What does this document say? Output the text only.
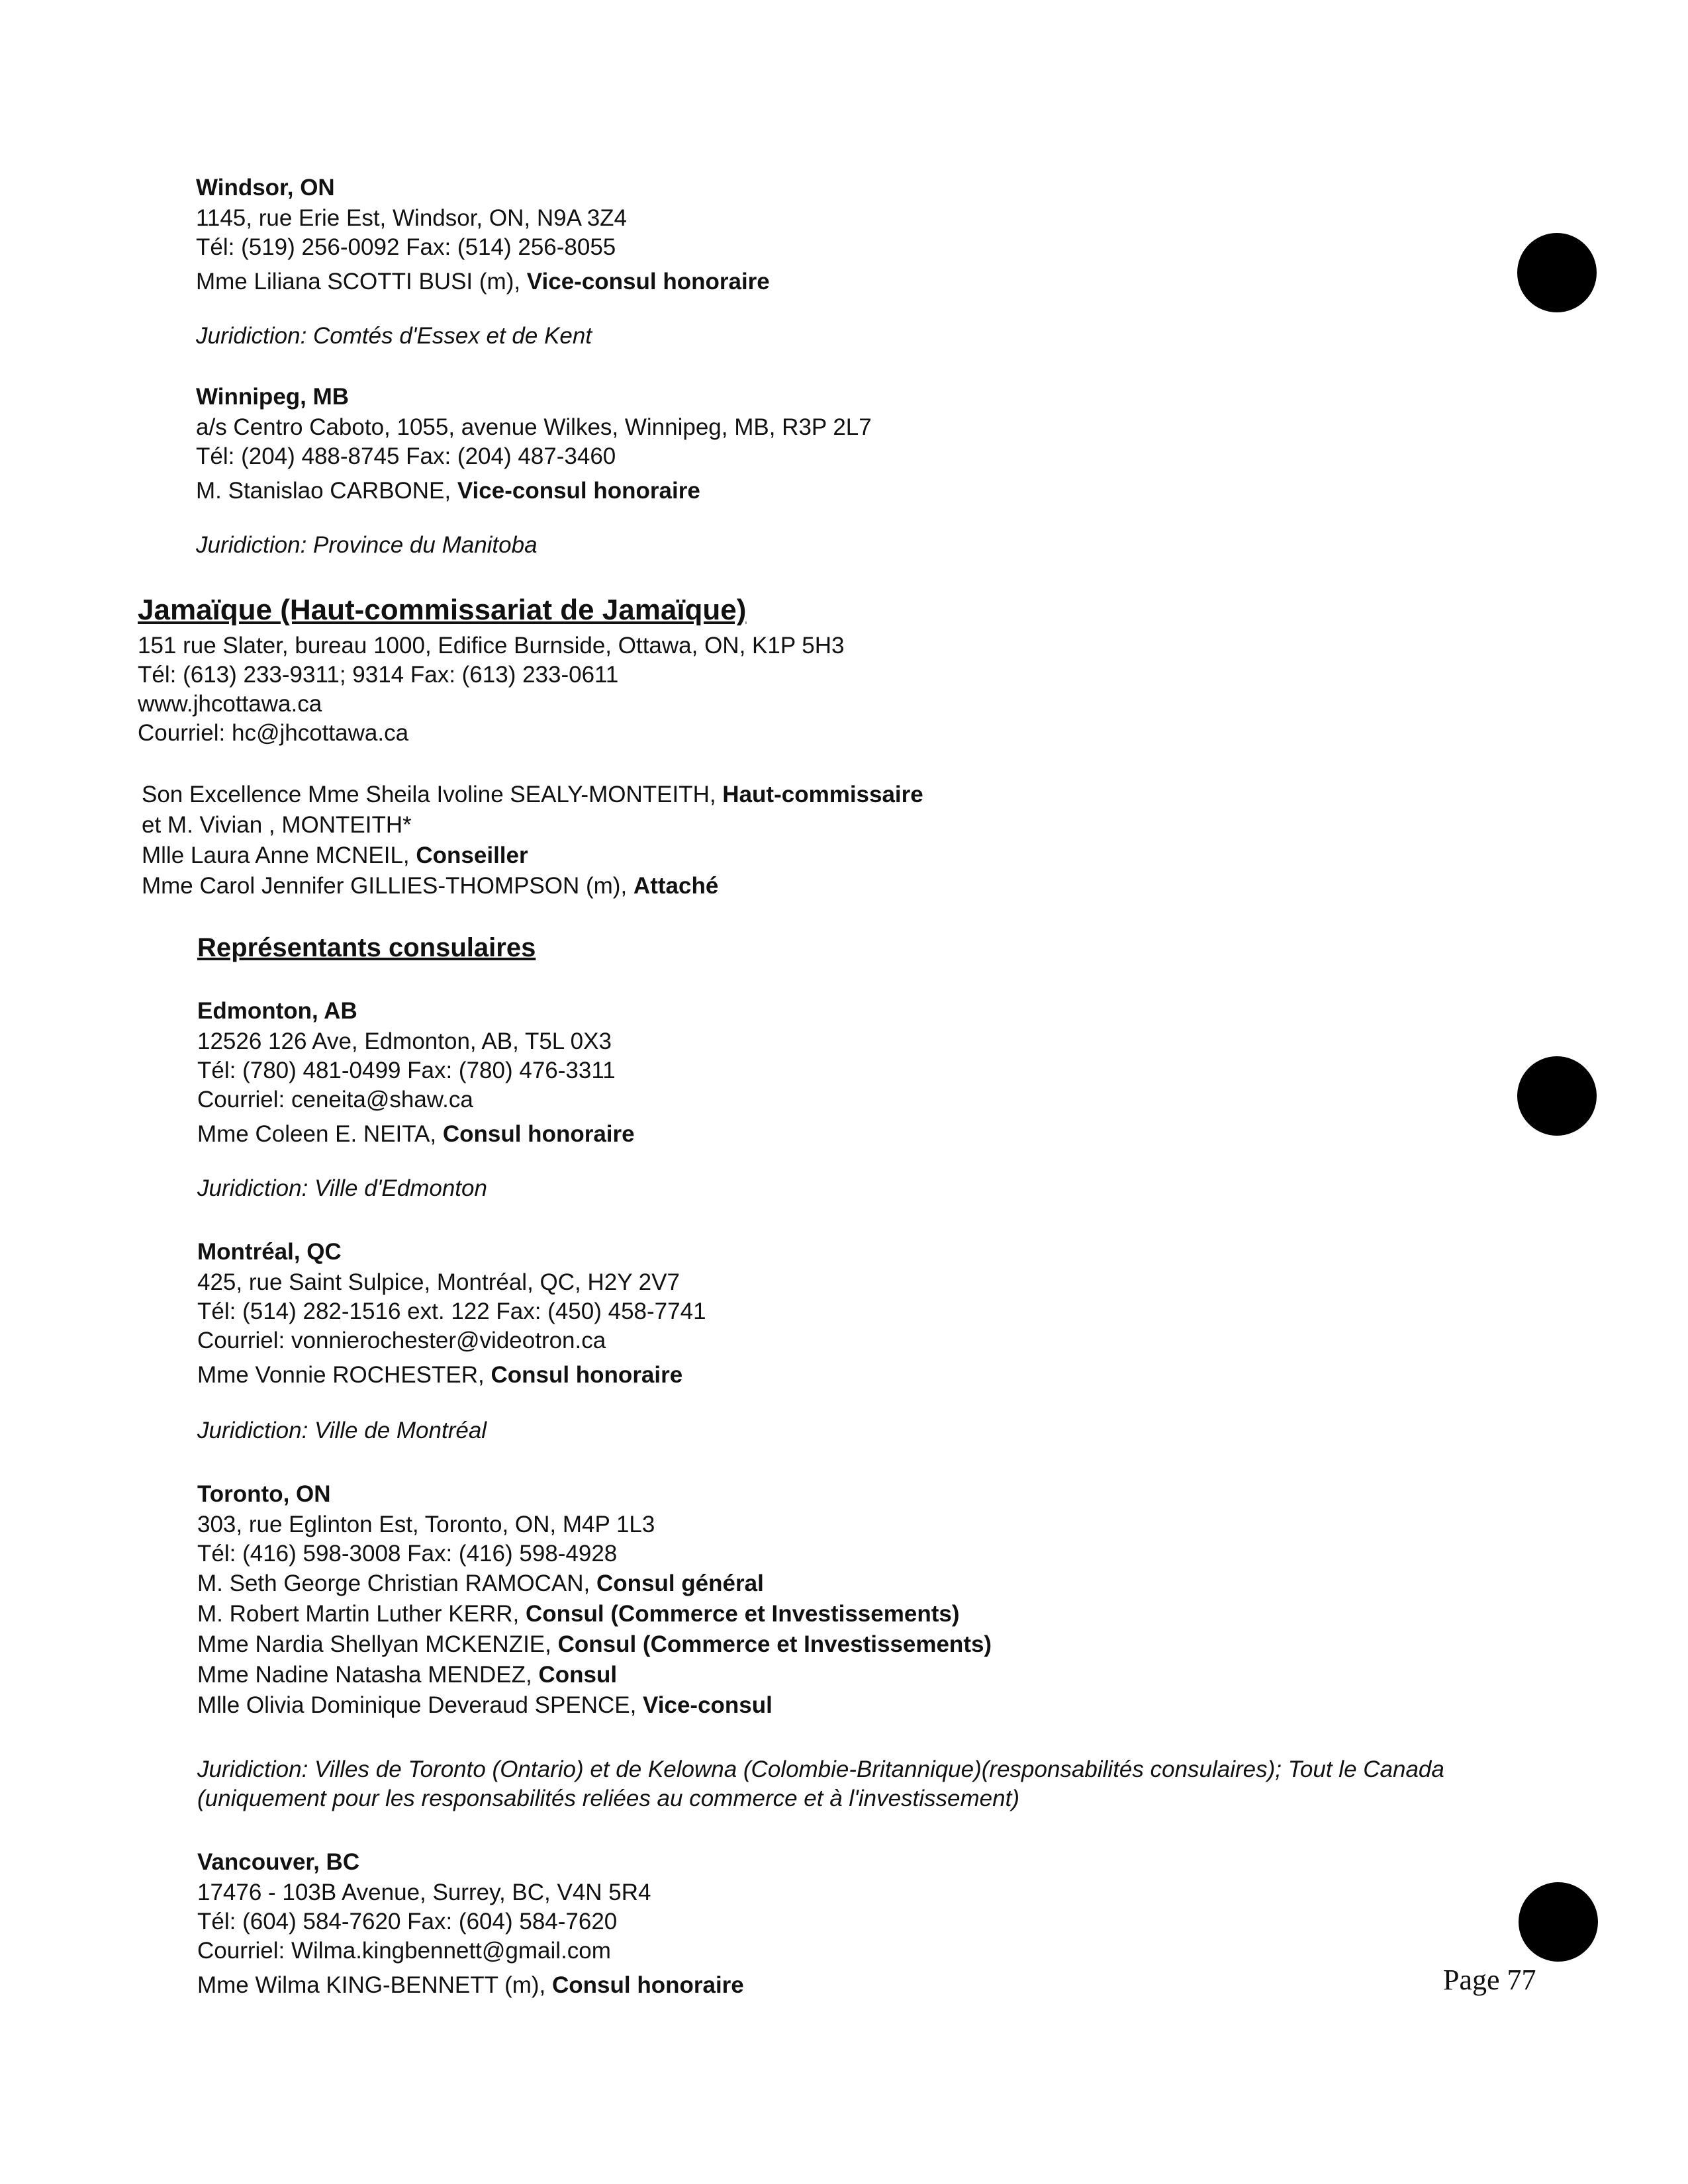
Windsor, ON
1145, rue Erie Est, Windsor, ON, N9A 3Z4
Tél: (519) 256-0092 Fax: (514) 256-8055
Mme Liliana SCOTTI BUSI (m), Vice-consul honoraire
Juridiction: Comtés d'Essex et de Kent
Winnipeg, MB
a/s Centro Caboto, 1055, avenue Wilkes, Winnipeg, MB, R3P 2L7
Tél: (204) 488-8745 Fax: (204) 487-3460
M. Stanislao CARBONE, Vice-consul honoraire
Juridiction: Province du Manitoba
Jamaïque (Haut-commissariat de Jamaïque)
151 rue Slater, bureau 1000, Edifice Burnside, Ottawa, ON, K1P 5H3
Tél: (613) 233-9311; 9314 Fax: (613) 233-0611
www.jhcottawa.ca
Courriel: hc@jhcottawa.ca
Son Excellence Mme Sheila Ivoline SEALY-MONTEITH, Haut-commissaire
et M. Vivian , MONTEITH*
Mlle Laura Anne MCNEIL, Conseiller
Mme Carol Jennifer GILLIES-THOMPSON (m), Attaché
Représentants consulaires
Edmonton, AB
12526 126 Ave, Edmonton, AB, T5L 0X3
Tél: (780) 481-0499 Fax: (780) 476-3311
Courriel: ceneita@shaw.ca
Mme Coleen E. NEITA, Consul honoraire
Juridiction: Ville d'Edmonton
Montréal, QC
425, rue Saint Sulpice, Montréal, QC, H2Y 2V7
Tél: (514) 282-1516 ext. 122 Fax: (450) 458-7741
Courriel: vonnierochester@videotron.ca
Mme Vonnie ROCHESTER, Consul honoraire
Juridiction: Ville de Montréal
Toronto, ON
303, rue Eglinton Est, Toronto, ON, M4P 1L3
Tél: (416) 598-3008 Fax: (416) 598-4928
M. Seth George Christian RAMOCAN, Consul général
M. Robert Martin Luther KERR, Consul (Commerce et Investissements)
Mme Nardia Shellyan MCKENZIE, Consul (Commerce et Investissements)
Mme Nadine Natasha MENDEZ, Consul
Mlle Olivia Dominique Deveraud SPENCE, Vice-consul
Juridiction: Villes de Toronto (Ontario) et de Kelowna (Colombie-Britannique)(responsabilités consulaires); Tout le Canada (uniquement pour les responsabilités reliées au commerce et à l'investissement)
Vancouver, BC
17476 - 103B Avenue, Surrey, BC, V4N 5R4
Tél: (604) 584-7620 Fax: (604) 584-7620
Courriel: Wilma.kingbennett@gmail.com
Mme Wilma KING-BENNETT (m), Consul honoraire	Page 77
